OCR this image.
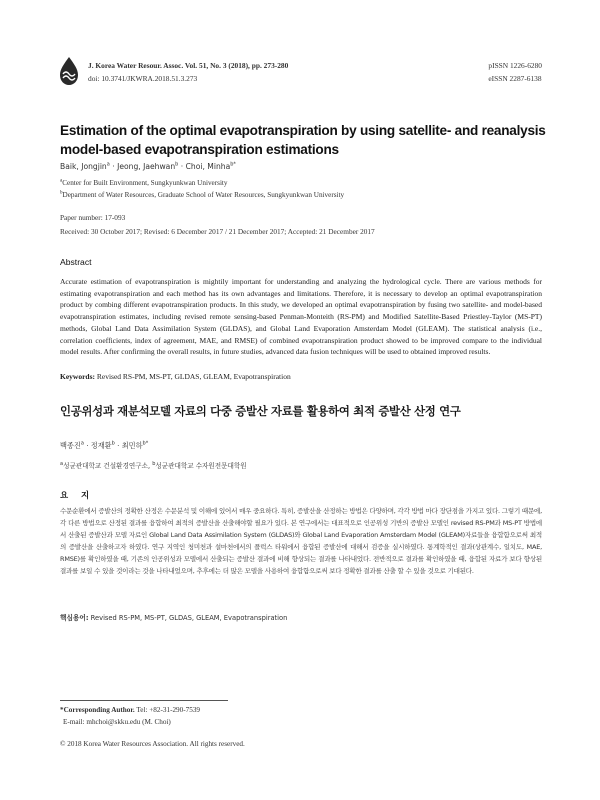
J. Korea Water Resour. Assoc. Vol. 51, No. 3 (2018), pp. 273-280
doi: 10.3741/JKWRA.2018.51.3.273
pISSN 1226-6280
eISSN 2287-6138
Estimation of the optimal evapotranspiration by using satellite- and reanalysis model-based evapotranspiration estimations
Baik, Jongjin$^a$ · Jeong, Jaehwan$^b$ · Choi, Minha$^{b*}$
$^a$Center for Built Environment, Sungkyunkwan University
$^b$Department of Water Resources, Graduate School of Water Resources, Sungkyunkwan University
Paper number: 17-093
Received: 30 October 2017; Revised: 6 December 2017 / 21 December 2017; Accepted: 21 December 2017
Abstract
Accurate estimation of evapotranspiration is mightily important for understanding and analyzing the hydrological cycle. There are various methods for estimating evapotranspiration and each method has its own advantages and limitations. Therefore, it is necessary to develop an optimal evapotranspiration product by combing different evapotranspiration products. In this study, we developed an optimal evapotranspiration by fusing two satellite- and model-based evapotranspiration estimates, including revised remote sensing-based Penman-Monteith (RS-PM) and Modified Satellite-Based Priestley-Taylor (MS-PT) methods, Global Land Data Assimilation System (GLDAS), and Global Land Evaporation Amsterdam Model (GLEAM). The statistical analysis (i.e., correlation coefficients, index of agreement, MAE, and RMSE) of combined evapotranspiration product showed to be improved compare to the individual model results. After confirming the overall results, in future studies, advanced data fusion techniques will be used to obtained improved results.
Keywords: Revised RS-PM, MS-PT, GLDAS, GLEAM, Evapotranspiration
인공위성과 재분석모델 자료의 다중 증발산 자료를 활용하여 최적 증발산 산정 연구
백종진$^a$ · 정재환$^b$ · 최민하$^{b*}$
$^a$성균관대학교 건설환경연구소, $^b$성균관대학교 수자원전문대학원
요 지
수문순환에서 증발산의 정확한 산정은 수문분석 및 이해에 있어서 매우 중요하다. 특히, 증발산을 산정하는 방법은 다양하며, 각각 방법 마다 장단점을 가지고 있다. 그렇기 때문에, 각 다른 방법으로 산정된 결과를 융합하여 최적의 증발산을 산출해야할 필요가 있다. 본 연구에서는 대표적으로 인공위성 기반의 증발산 모델인 revised RS-PM과 MS-PT 방법에서 산출된 증발산과 모델 자료인 Global Land Data Assimilation System (GLDAS)와 Global Land Evaporation Amsterdam Model (GLEAM)자료들을 융합함으로써 최적의 증발산을 산출하고자 하였다. 연구 지역인 청미천과 설마천에서의 플럭스 타워에서 융합된 증발산에 대해서 검증을 실시하였다. 통계학적인 결과(상관계수, 일치도, MAE, RMSE)를 확인하였을 때, 기존의 인공위성과 모델에서 산출되는 증발산 결과에 비해 향상되는 결과를 나타내었다. 전반적으로 결과를 확인하였을 때, 융합된 자료가 보다 향상된 결과를 보일 수 있을 것이라는 것을 나타내었으며, 추후에는 더 많은 모델을 사용하여 융합함으로써 보다 정확한 결과를 산출 할 수 있을 것으로 기대된다.
핵심용어: Revised RS-PM, MS-PT, GLDAS, GLEAM, Evapotranspiration
*Corresponding Author. Tel: +82-31-290-7539
E-mail: mhchoi@skku.edu (M. Choi)
© 2018 Korea Water Resources Association. All rights reserved.
